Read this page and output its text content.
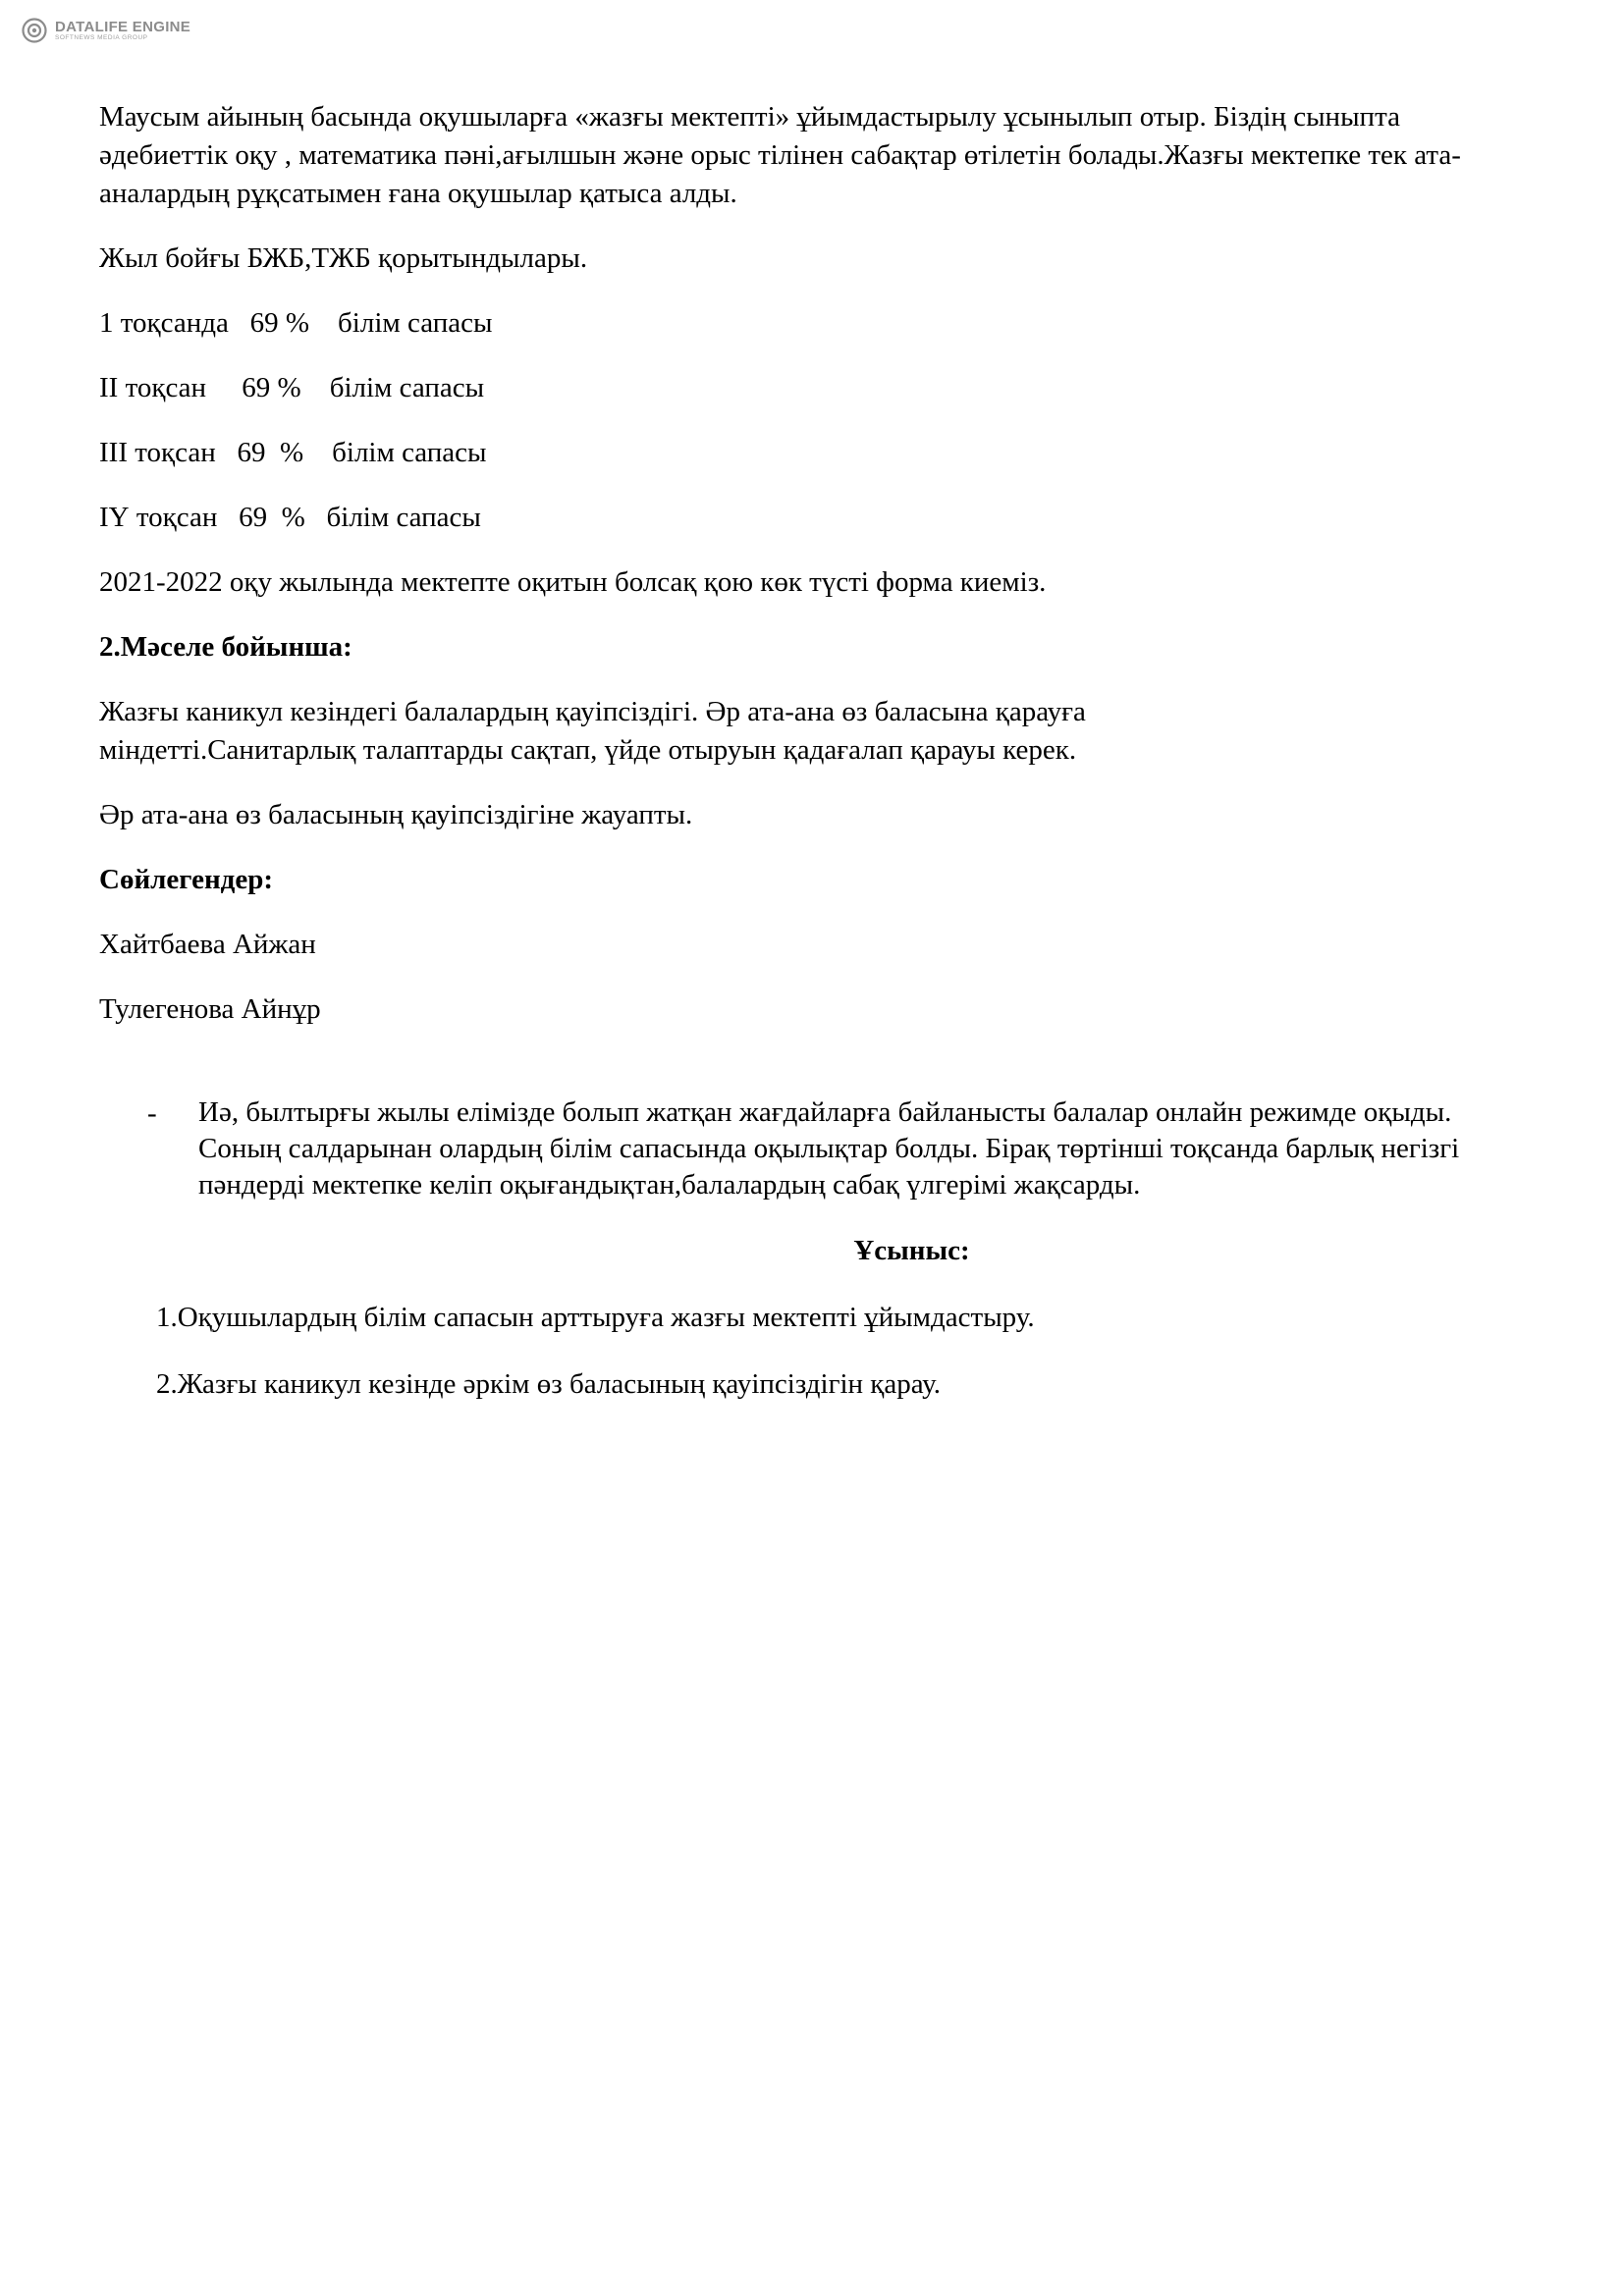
DATALIFE ENGINE
SOFTNEWS MEDIA GROUP

Маусым айының басында оқушыларға «жазғы мектепті» ұйымдастырылу ұсынылып отыр. Біздің сыныпта әдебиеттік оқу , математика пәні,ағылшын және орыс тілінен сабақтар өтілетін болады.Жазғы мектепке тек ата-аналардың рұқсатымен ғана оқушылар қатыса алды.

Жыл бойғы БЖБ,ТЖБ қорытындылары.

1 тоқсанда   69 %    білім сапасы

ІІ тоқсан     69 %    білім сапасы

ІІІ тоқсан   69  %    білім сапасы

ІҮ тоқсан   69  %   білім сапасы

2021-2022 оқу жылында мектепте оқитын болсақ қою көк түсті форма киеміз.

2.Мәселе бойынша:

Жазғы каникул кезіндегі балалардың қауіпсіздігі. Әр ата-ана өз баласына қарауға міндетті.Санитарлық талаптарды сақтап, үйде отыруын қадағалап қарауы керек.

Әр ата-ана өз баласының қауіпсіздігіне жауапты.

Сөйлегендер:

Хайтбаева Айжан

Тулегенова Айнұр

-	Иә, былтырғы жылы елімізде болып жатқан жағдайларға байланысты балалар онлайн режимде оқыды. Соның салдарынан олардың білім сапасында оқылықтар болды. Бірақ төртінші тоқсанда барлық негізгі пәндерді мектепке келіп оқығандықтан,балалардың сабақ үлгерімі жақсарды.

Ұсыныс:

1.Оқушылардың білім сапасын арттыруға жазғы мектепті ұйымдастыру.

2.Жазғы каникул кезінде әркім өз баласының қауіпсіздігін қарау.
